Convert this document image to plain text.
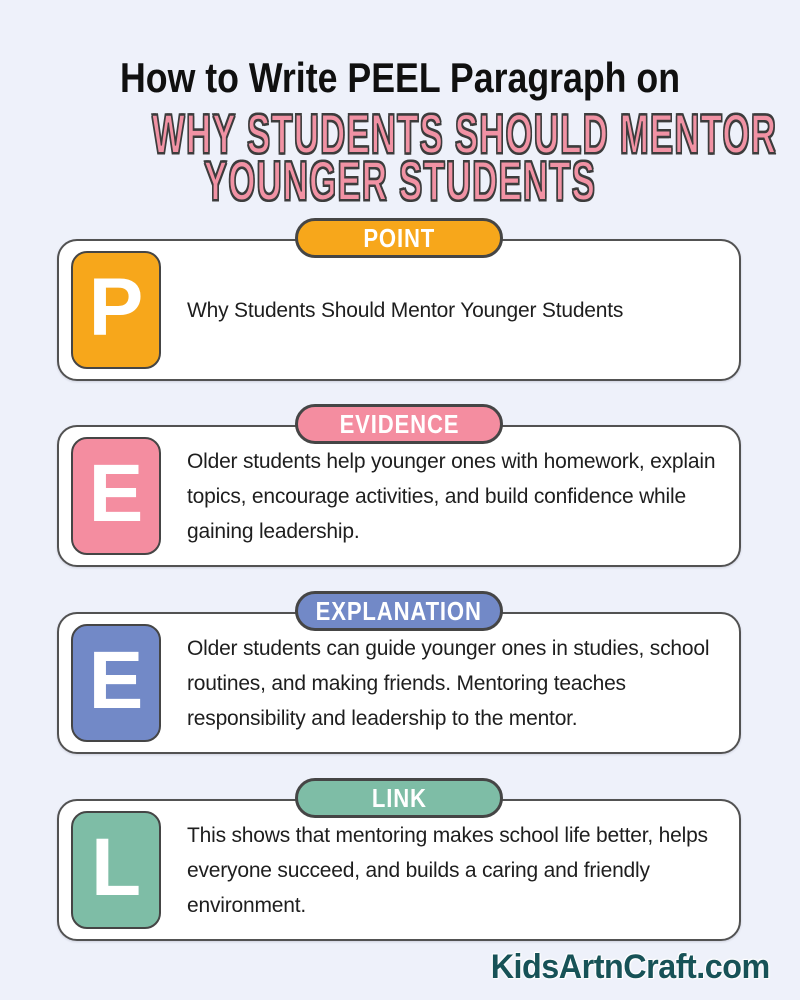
How to Write PEEL Paragraph on
WHY STUDENTS SHOULD MENTOR
YOUNGER STUDENTS
POINT
P Why Students Should Mentor Younger Students

EVIDENCE
E Older students help younger ones with homework, explain topics, encourage activities, and build confidence while gaining leadership.

EXPLANATION
E Older students can guide younger ones in studies, school routines, and making friends. Mentoring teaches responsibility and leadership to the mentor.

LINK
L This shows that mentoring makes school life better, helps everyone succeed, and builds a caring and friendly environment.

KidsArtnCraft.com
